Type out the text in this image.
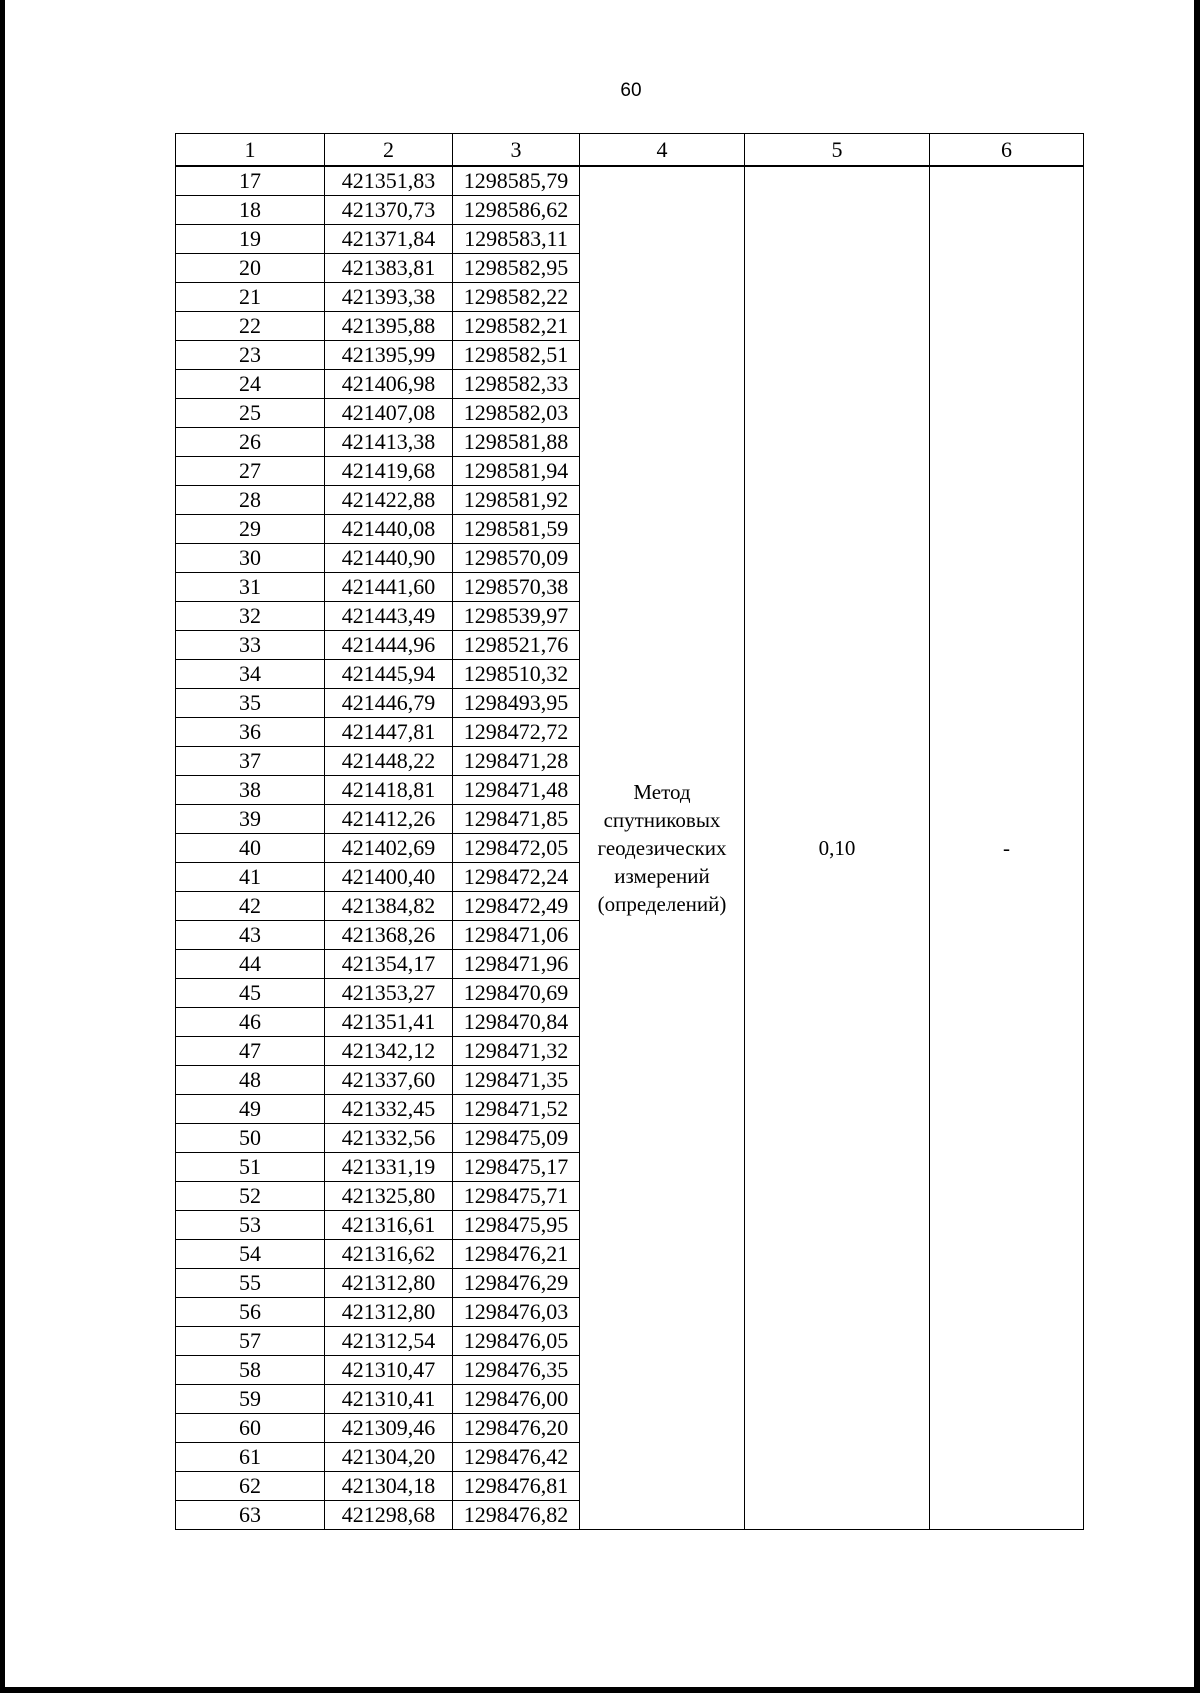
60
1	2	3	4	5	6
17	421351,83	1298585,79	Метод
спутниковых
геодезических
измерений
(определений)	0,10	-
18	421370,73	1298586,62			
19	421371,84	1298583,11			
20	421383,81	1298582,95			
21	421393,38	1298582,22			
22	421395,88	1298582,21			
23	421395,99	1298582,51			
24	421406,98	1298582,33			
25	421407,08	1298582,03			
26	421413,38	1298581,88			
27	421419,68	1298581,94			
28	421422,88	1298581,92			
29	421440,08	1298581,59			
30	421440,90	1298570,09			
31	421441,60	1298570,38			
32	421443,49	1298539,97			
33	421444,96	1298521,76			
34	421445,94	1298510,32			
35	421446,79	1298493,95			
36	421447,81	1298472,72			
37	421448,22	1298471,28			
38	421418,81	1298471,48			
39	421412,26	1298471,85			
40	421402,69	1298472,05			
41	421400,40	1298472,24			
42	421384,82	1298472,49			
43	421368,26	1298471,06			
44	421354,17	1298471,96			
45	421353,27	1298470,69			
46	421351,41	1298470,84			
47	421342,12	1298471,32			
48	421337,60	1298471,35			
49	421332,45	1298471,52			
50	421332,56	1298475,09			
51	421331,19	1298475,17			
52	421325,80	1298475,71			
53	421316,61	1298475,95			
54	421316,62	1298476,21			
55	421312,80	1298476,29			
56	421312,80	1298476,03			
57	421312,54	1298476,05			
58	421310,47	1298476,35			
59	421310,41	1298476,00			
60	421309,46	1298476,20			
61	421304,20	1298476,42			
62	421304,18	1298476,81			
63	421298,68	1298476,82			
